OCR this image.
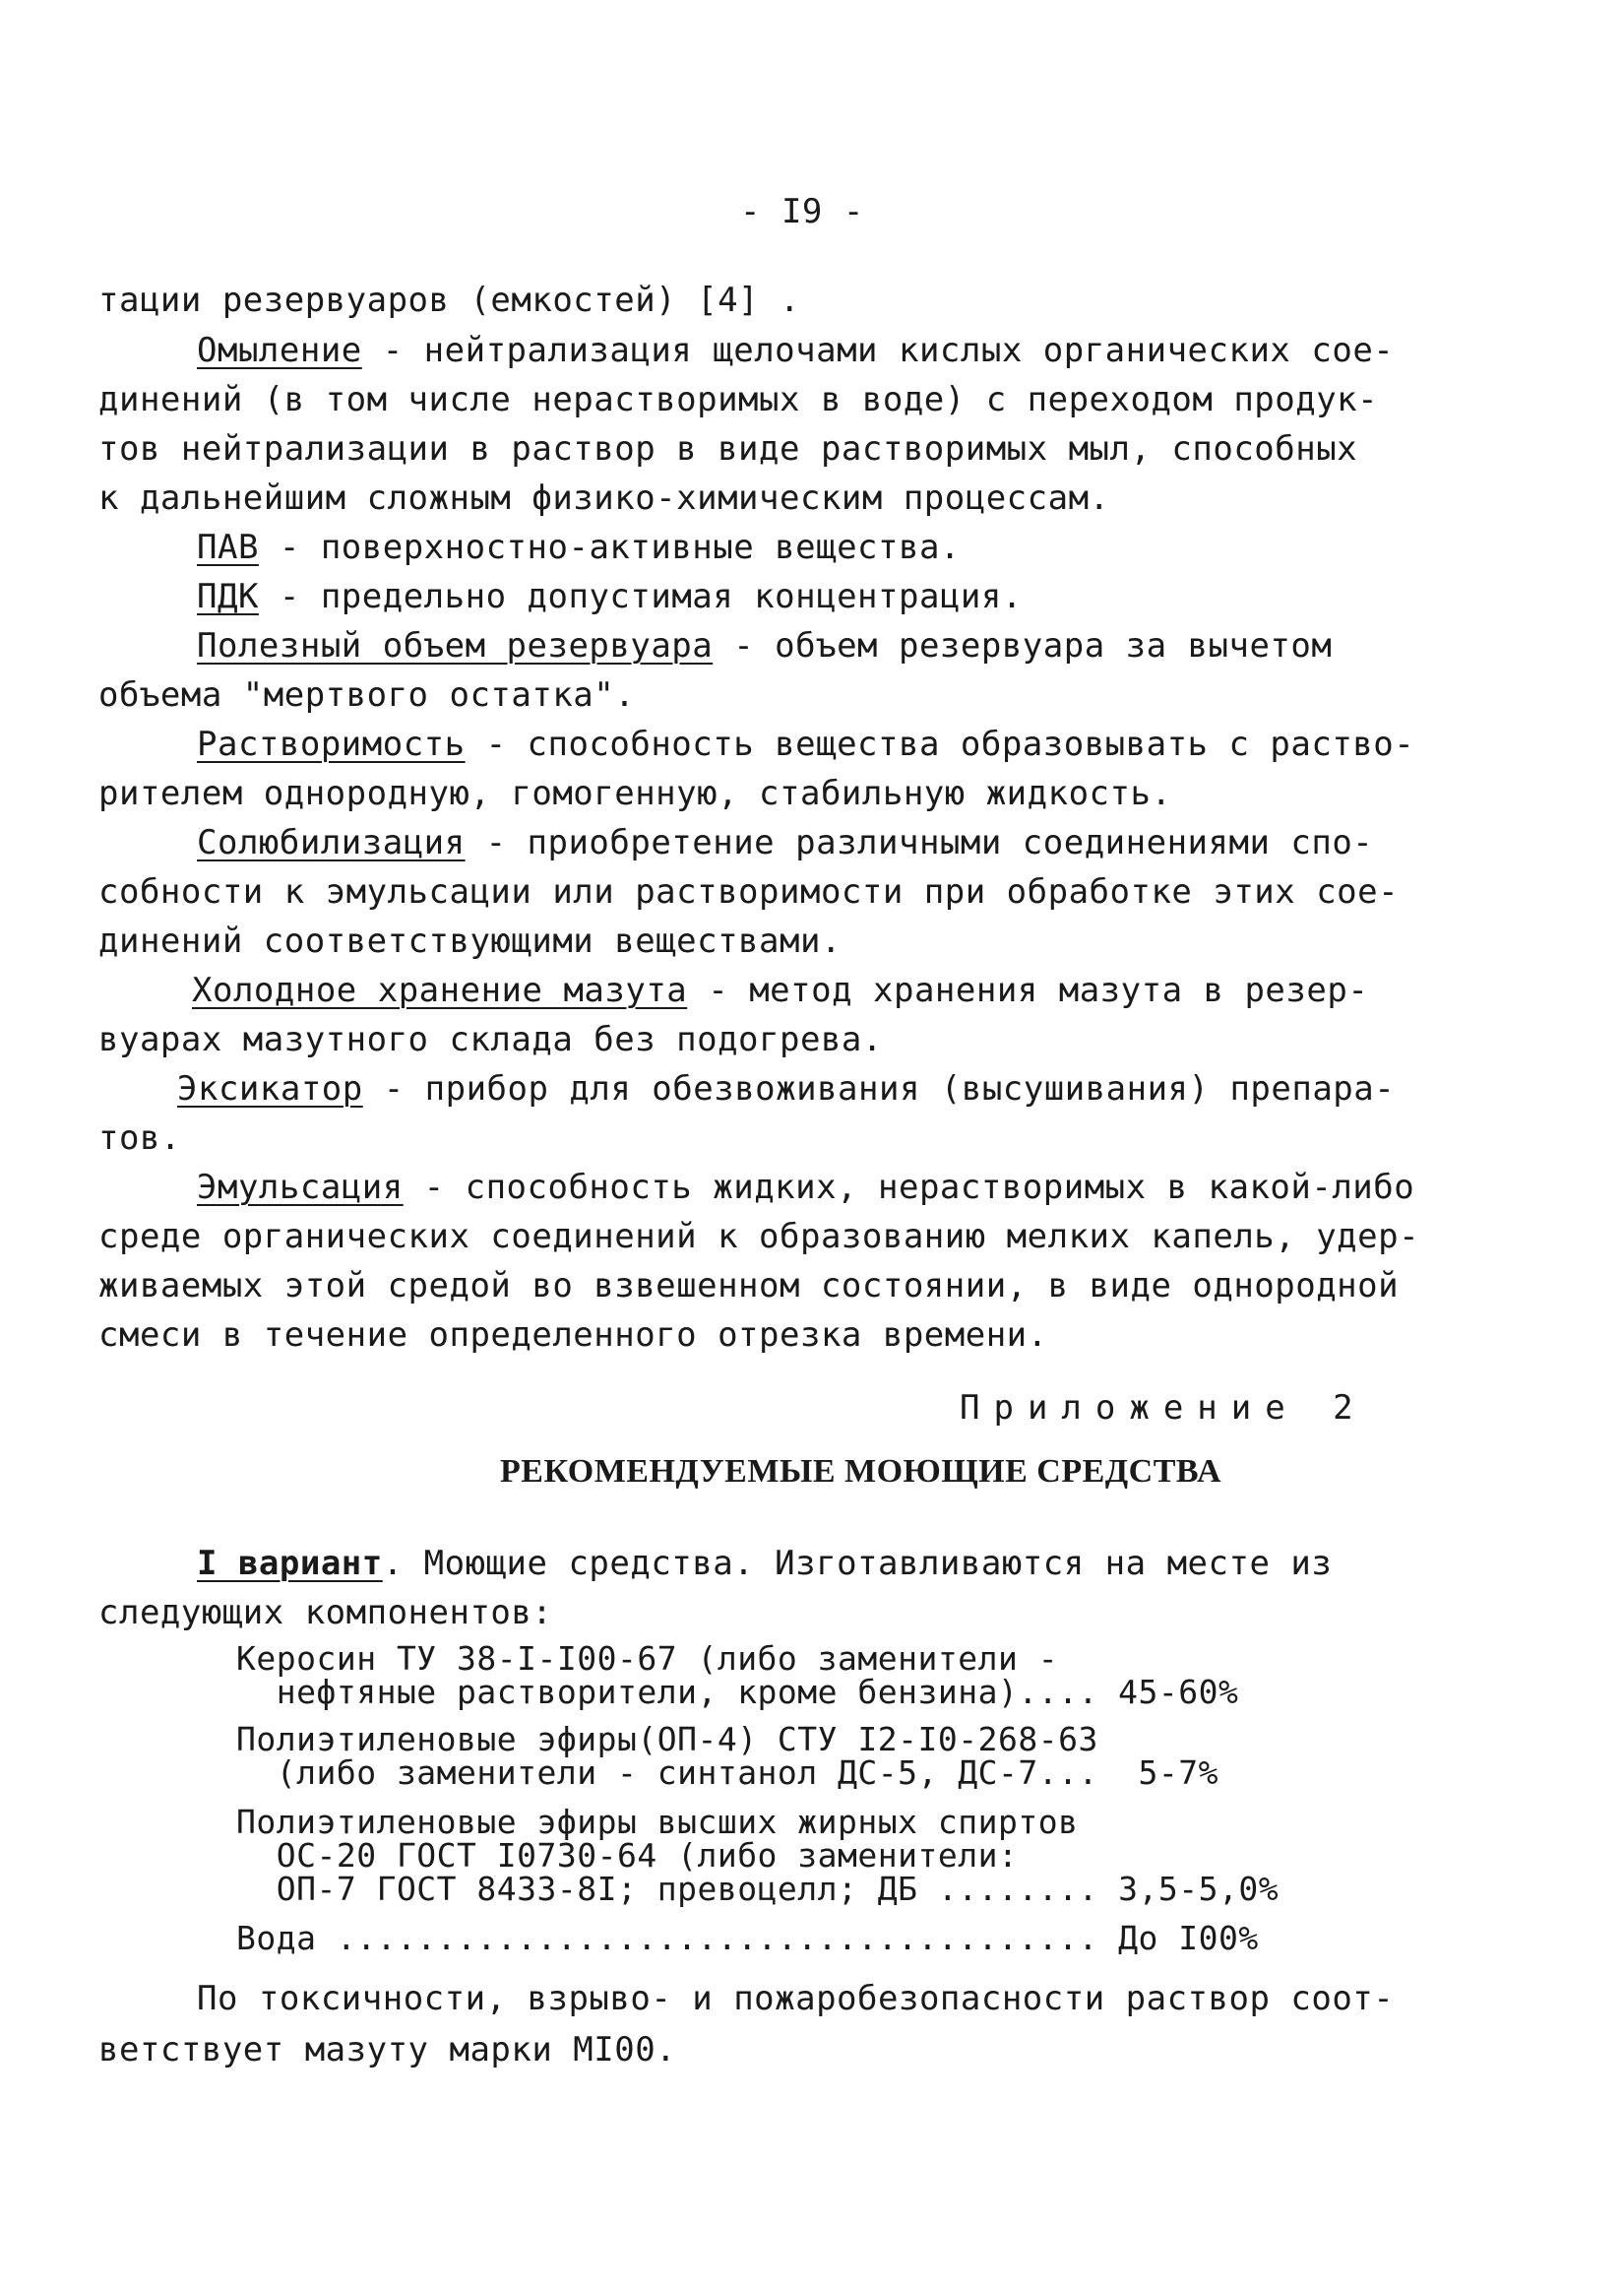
- I9 -
тации резервуаров (емкостей) [4] .
Омыление - нейтрализация щелочами кислых органических сое-
динений (в том числе нерастворимых в воде) с переходом продук-
тов нейтрализации в раствор в виде растворимых мыл, способных
к дальнейшим сложным физико-химическим процессам.
ПАВ - поверхностно-активные вещества.
ПДК - предельно допустимая концентрация.
Полезный объем резервуара - объем резервуара за вычетом
объема "мертвого остатка".
Растворимость - способность вещества образовывать с раство-
рителем однородную, гомогенную, стабильную жидкость.
Солюбилизация - приобретение различными соединениями спо-
собности к эмульсации или растворимости при обработке этих сое-
динений соответствующими веществами.
Холодное хранение мазута - метод хранения мазута в резер-
вуарах мазутного склада без подогрева.
Эксикатор - прибор для обезвоживания (высушивания) препара-
тов.
Эмульсация - способность жидких, нерастворимых в какой-либо
среде органических соединений к образованию мелких капель, удер-
живаемых этой средой во взвешенном состоянии, в виде однородной
смеси в течение определенного отрезка времени.
Приложение 2
РЕКОМЕНДУЕМЫЕ МОЮЩИЕ СРЕДСТВА
I вариант. Моющие средства. Изготавливаются на месте из
следующих компонентов:
Керосин ТУ 38-I-I00-67 (либо заменители -
нефтяные растворители, кроме бензина).... 45-60%
Полиэтиленовые эфиры(ОП-4) СТУ I2-I0-268-63
(либо заменители - синтанол ДС-5, ДС-7...  5-7%
Полиэтиленовые эфиры высших жирных спиртов
ОС-20 ГОСТ I0730-64 (либо заменители:
ОП-7 ГОСТ 8433-8I; превоцелл; ДБ ........ 3,5-5,0%
Вода ...................................... До I00%
По токсичности, взрыво- и пожаробезопасности раствор соот-
ветствует мазуту марки МI00.
